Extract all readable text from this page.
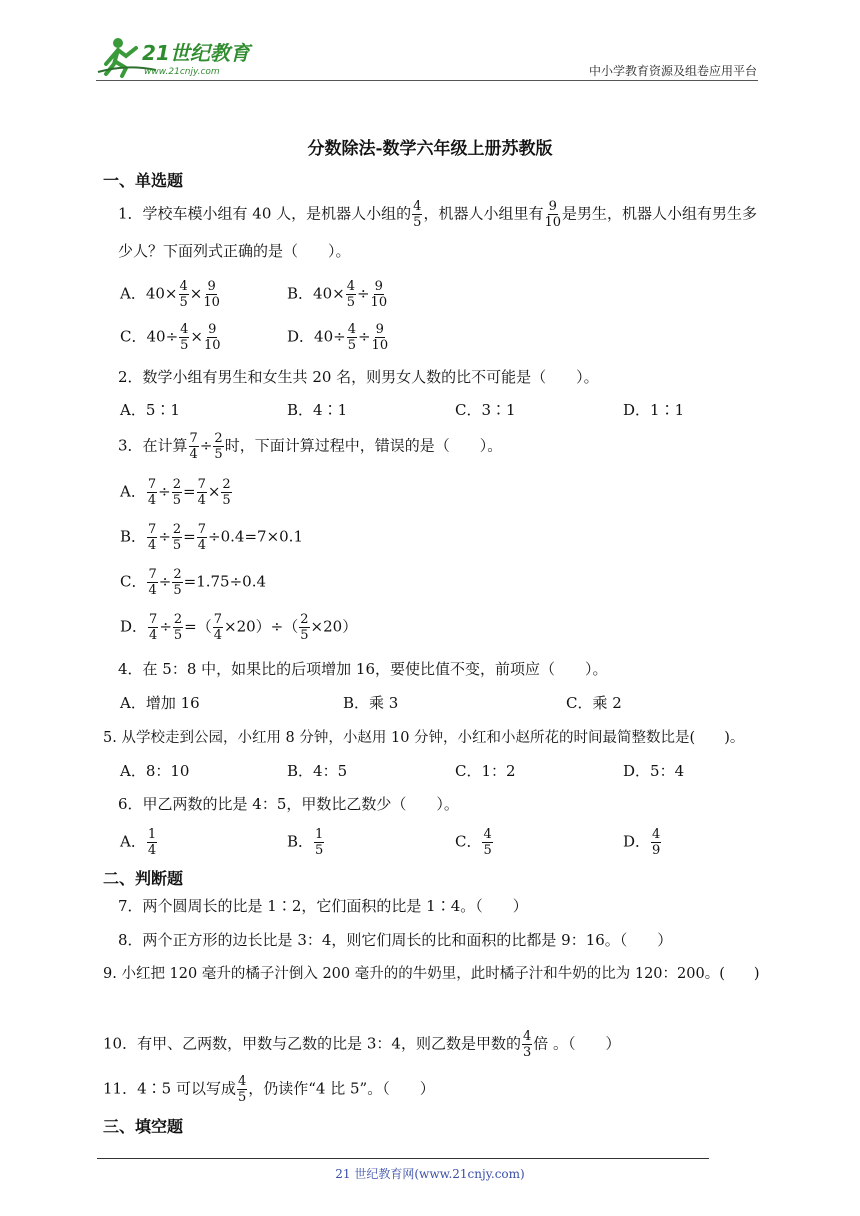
21世纪教育
www.21cnjy.com	中小学教育资源及组卷应用平台
分数除法-数学六年级上册苏教版
一、单选题
1．学校车模小组有 40 人，是机器人小组的 $\frac{4}{5}$ ，机器人小组里有 $\frac{9}{10}$ 是男生，机器人小组有男生多
少人？下面列式正确的是（　　）。
A．$40\times \frac{4}{5} \times \frac{9}{10}$	B．$40\times \frac{4}{5} \div \frac{9}{10}$
C．$40\div \frac{4}{5} \times \frac{9}{10}$	D．$40\div \frac{4}{5} \div \frac{9}{10}$
2．数学小组有男生和女生共 20 名，则男女人数的比不可能是（　　）。
A．5∶1	B．4∶1	C．3∶1	D．1∶1
3．在计算 $\frac{7}{4} \div \frac{2}{5}$ 时，下面计算过程中，错误的是（　　）。
A． $\frac{7}{4} \div \frac{2}{5} = \frac{7}{4} \times \frac{2}{5}$
B． $\frac{7}{4} \div \frac{2}{5} = \frac{7}{4} \div 0.4=7\times 0.1$
C． $\frac{7}{4} \div \frac{2}{5} =1.75\div 0.4$
D． $\frac{7}{4} \div \frac{2}{5}$ =（ $\frac{7}{4} \times 20)\div( \frac{2}{5} \times 20)$
4．在 5：8 中，如果比的后项增加 16，要使比值不变，前项应（　　）。
A．增加 16	B．乘 3	C．乘 2
5. 从学校走到公园，小红用 8 分钟，小赵用 10 分钟，小红和小赵所花的时间最简整数比是(　　)。
A．8：10	B．4：5	C．1：2	D．5：4
6．甲乙两数的比是 4：5，甲数比乙数少（　　）。
A． $\frac{1}{4}$	B． $\frac{1}{5}$	C． $\frac{4}{5}$	D． $\frac{4}{9}$
二、判断题
7．两个圆周长的比是 1∶2，它们面积的比是 1∶4。（　　）
8．两个正方形的边长比是 3：4，则它们周长的比和面积的比都是 9：16。（　　）
9. 小红把 120 毫升的橘子汁倒入 200 毫升的的牛奶里，此时橘子汁和牛奶的比为 120：200。(　　)
10．有甲、乙两数，甲数与乙数的比是 3：4，则乙数是甲数的 $\frac{4}{3}$ 倍 。（　　）
11．4∶5 可以写成 $\frac{4}{5}$ ，仍读作“4 比 5”。（　　）
三、填空题
21 世纪教育网(www.21cnjy.com)
